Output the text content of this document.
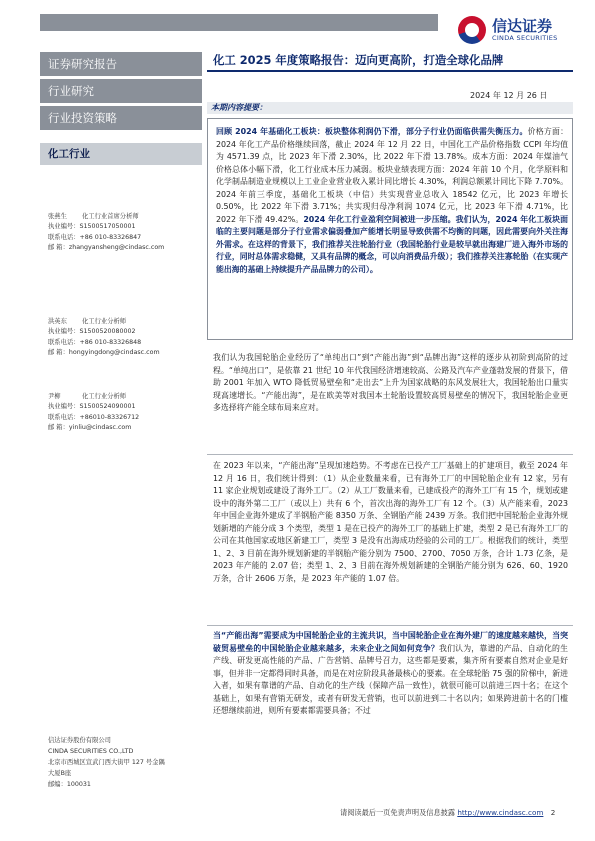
信达证券
CINDA SECURITIES
证券研究报告
行业研究
行业投资策略
化工行业
张燕生 化工行业首席分析师
执业编号：S1500517050001
联系电话：+86 010-83326847
邮 箱：zhangyansheng@cindasc.com
洪英东 化工行业分析师
执业编号：S1500520080002
联系电话：+86 010-83326848
邮 箱：hongyingdong@cindasc.com
尹柳	化工行业分析师
执业编号：S1500524090001
联系电话：+86010-83326712
邮 箱：yinliu@cindasc.com
信达证券股份有限公司
CINDA SECURITIES CO.,LTD
北京市西城区宣武门西大街甲 127 号金隅
大厦B座
邮编：100031
化工 2025 年度策略报告：迈向更高阶，打造全球化品牌
2024 年 12 月 26 日
本期内容提要：
回顾 2024 年基础化工板块：板块整体利润仍下滑，部分子行业仍面临供需失衡压力。价格方面：2024 年化工产品价格继续回落，截止 2024 年 12 月 22 日，中国化工产品价格指数 CCPI 年均值为 4571.39 点，比 2023 年下滑 2.30%，比 2022 年下滑 13.78%。成本方面：2024 年煤油气价格总体小幅下滑，化工行业成本压力减弱。板块业绩表现方面：2024 年前 10 个月，化学原料和化学制品制造业规模以上工业企业营业收入累计同比增长 4.30%，利润总额累计同比下降 7.70%。2024 年前三季度，基础化工板块（中信）共实现营业总收入 18542 亿元，比 2023 年增长 0.50%，比 2022 年下滑 3.71%；共实现归母净利润 1074 亿元，比 2023 年下滑 4.71%，比 2022 年下滑 49.42%。2024 年化工行业盈利空间被进一步压缩。我们认为，2024 年化工板块面临的主要问题是部分子行业需求偏弱叠加产能增长明显导致供需不均衡的问题，因此需要向外关注海外需求。在这样的背景下，我们推荐关注轮胎行业（我国轮胎行业是较早就出海建厂进入海外市场的行业，同时总体需求稳健，又具有品牌的概念，可以向消费品升级）；我们推荐关注寡轮胎（在实现产能出海的基础上持续提升产品品牌力的公司）。
我们认为我国轮胎企业经历了“单纯出口”到“产能出海”到“品牌出海”这样的逐步从初阶到高阶的过程。“单纯出口”，是依靠 21 世纪 10 年代我国经济增速较高、公路及汽车产业蓬勃发展的背景下，借助 2001 年加入 WTO 降低贸易壁垒和“走出去”上升为国家战略的东风发展壮大，我国轮胎出口量实现高速增长。“产能出海”，是在欧美等对我国本土轮胎设置较高贸易壁垒的情况下，我国轮胎企业更多选择将产能全球布局来应对。
在 2023 年以来，“产能出海”呈现加速趋势。不考虑在已投产工厂基础上的扩建项目，截至 2024 年 12 月 16 日，我们统计得到：（1）从企业数量来看，已有海外工厂的中国轮胎企业有 12 家，另有 11 家企业规划或建设了海外工厂。（2）从工厂数量来看，已建成投产的海外工厂有 15 个，规划或建设中的海外第二工厂（或以上）共有 6 个，首次出海的海外工厂有 12 个。（3）从产能来看，2023 年中国企业海外建成了半钢胎产能 8350 万条、全钢胎产能 2439 万条。我们把中国轮胎企业海外规划新增的产能分成 3 个类型，类型 1 是在已投产的海外工厂的基础上扩建，类型 2 是已有海外工厂的公司在其他国家或地区新建工厂，类型 3 是没有出海成功经验的公司的工厂。根据我们的统计，类型 1、2、3 目前在海外规划新建的半钢胎产能分别为 7500、2700、7050 万条，合计 1.73 亿条，是 2023 年产能的 2.07 倍；类型 1、2、3 目前在海外规划新建的全钢胎产能分别为 626、60、1920 万条，合计 2606 万条，是 2023 年产能的 1.07 倍。
当“产能出海”需要成为中国轮胎企业的主流共识，当中国轮胎企业在海外建厂的速度越来越快，当突破贸易壁垒的中国轮胎企业越来越多，未来企业之间如何竞争？我们认为，靠谱的产品、自动化的生产线、研发更高性能的产品、广告营销、品牌号召力，这些都是要素，集齐所有要素自然对企业是好事，但并非一定都得同时具备，而是在对应阶段具备最核心的要素。在全球轮胎 75 强的阶梯中，新进入者，如果有靠谱的产品、自动化的生产线（保障产品一致性），就很可能可以前进三四十名；在这个基础上，如果有营销无研发，或者有研发无营销，也可以前进到二十名以内；如果跨进前十名的门槛还想继续前进，则所有要素都需要具备；不过
请阅读最后一页免责声明及信息披露 http://www.cindasc.com 2
